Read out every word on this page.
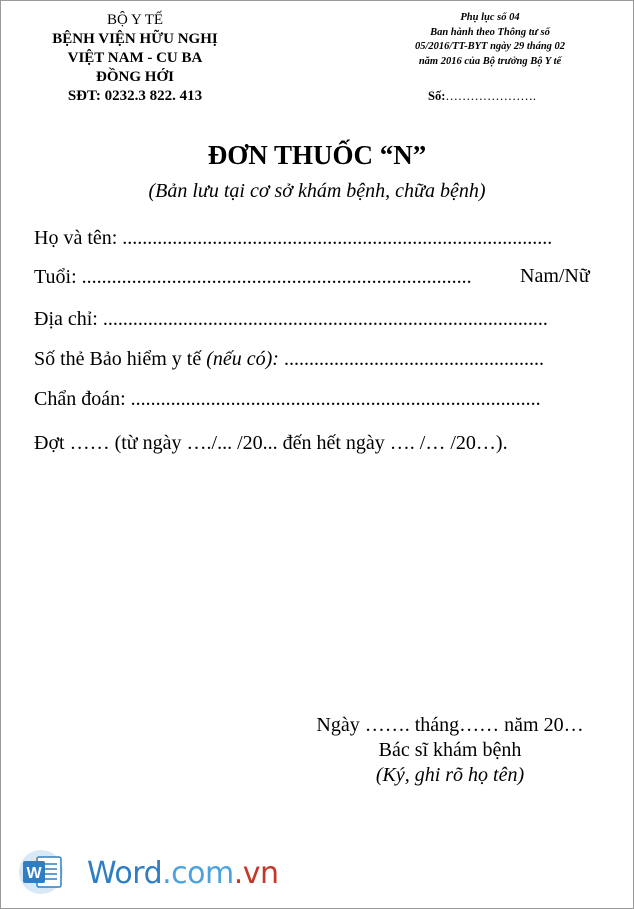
BỘ Y TẾ
BỆNH VIỆN HỮU NGHỊ
VIỆT NAM - CU BA
ĐỒNG HỚI
SĐT: 0232.3 822. 413
Phụ lục số 04
Ban hành theo Thông tư số
05/2016/TT-BYT ngày 29 tháng 02
năm 2016 của Bộ trưởng Bộ Y tế
Số:………………….
ĐƠN THUỐC “N”
(Bản lưu tại cơ sở khám bệnh, chữa bệnh)
Họ và tên: ......................................................................................
Tuổi: .............................................................................. Nam/Nữ
Địa chỉ: .........................................................................................
Số thẻ Bảo hiểm y tế (nếu có): ....................................................
Chẩn đoán: ..................................................................................
Đợt …… (từ ngày …./... /20... đến hết ngày …. /… /20…).
Ngày ……. tháng…… năm 20…
Bác sĩ khám bệnh
(Ký, ghi rõ họ tên)
W Word.com.vn
